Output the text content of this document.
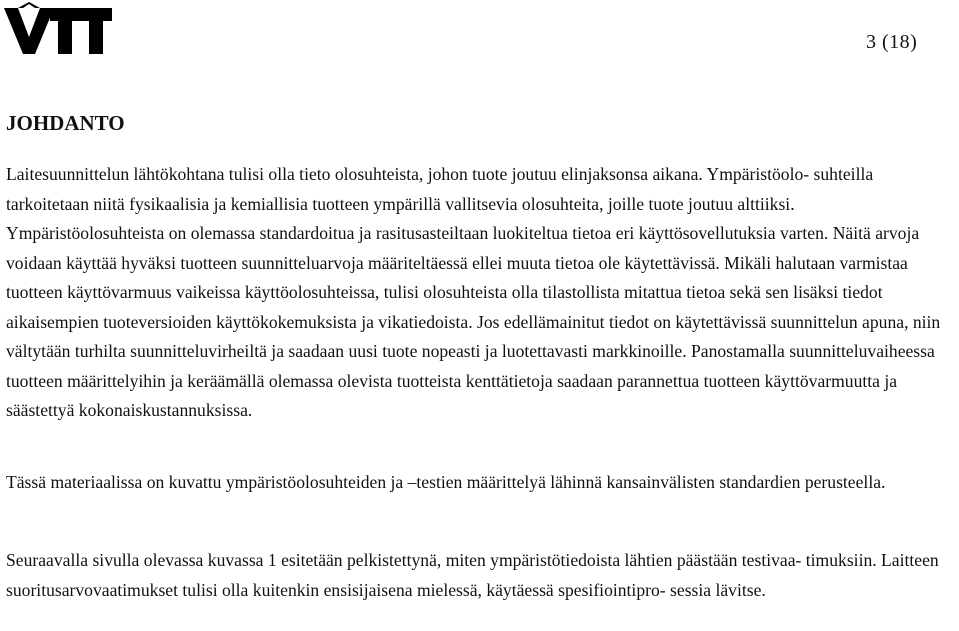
3 (18)
JOHDANTO

Laitesuunnittelun lähtökohtana tulisi olla tieto olosuhteista, johon tuote joutuu elinjaksonsa aikana. Ympäristöolo- suhteilla tarkoitetaan niitä fysikaalisia ja kemiallisia tuotteen ympärillä vallitsevia olosuhteita, joille tuote joutuu alttiiksi. Ympäristöolosuhteista on olemassa standardoitua ja rasitusasteiltaan luokiteltua tietoa eri käyttösovellutuksia varten. Näitä arvoja voidaan käyttää hyväksi tuotteen suunnitteluarvoja määriteltäessä ellei muuta tietoa ole käytettävissä. Mikäli halutaan varmistaa tuotteen käyttövarmuus vaikeissa käyttöolosuhteissa, tulisi olosuhteista olla tilastollista mitattua tietoa sekä sen lisäksi tiedot aikaisempien tuoteversioiden käyttökokemuksista ja vikatiedoista. Jos edellämainitut tiedot on käytettävissä suunnittelun apuna, niin vältytään turhilta suunnitteluvirheiltä ja saadaan uusi tuote nopeasti ja luotettavasti markkinoille. Panostamalla suunnitteluvaiheessa tuotteen määrittelyihin ja keräämällä olemassa olevista tuotteista kenttätietoja saadaan parannettua tuotteen käyttövarmuutta ja säästettyä kokonaiskustannuksissa.

Tässä materiaalissa on kuvattu ympäristöolosuhteiden ja –testien määrittelyä lähinnä kansainvälisten standardien perusteella.

Seuraavalla sivulla olevassa kuvassa 1 esitetään pelkistettynä, miten ympäristötiedoista lähtien päästään testivaa- timuksiin. Laitteen suoritusarvovaatimukset tulisi olla kuitenkin ensisijaisena mielessä, käytäessä spesifiointipro- sessia lävitse.
